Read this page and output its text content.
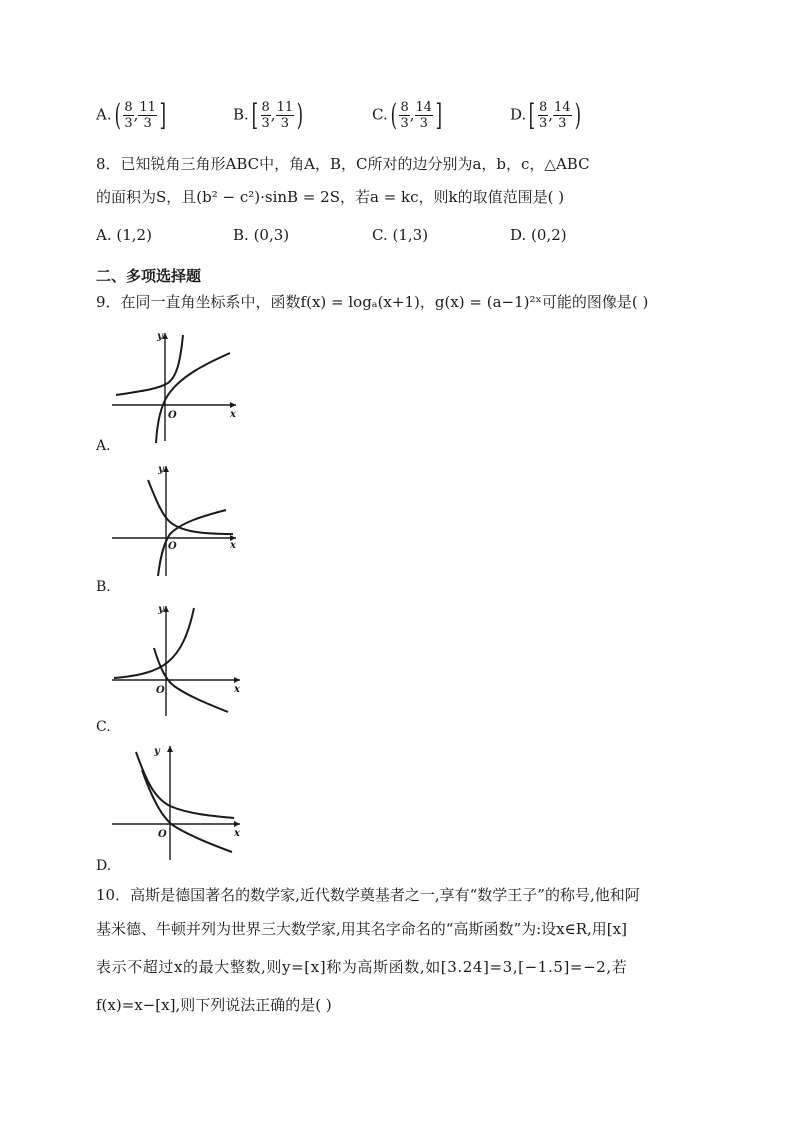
$A.( \frac{8}{3}$ , $\frac{11}{3}$ ]	$B.[ \frac{8}{3}$ , $\frac{11}{3}$ )	$C.( \frac{8}{3}$ , $\frac{14}{3}$ ]	$D.[ \frac{8}{3}$ , $\frac{14}{3}$ )
8．已知锐角三角形ABC中，角A，B，C所对的边分别为a，b，c，△ABC
的面积为S，且(b² − c²)·sinB = 2S，若a = kc，则k的取值范围是( )
A. (1,2)	B. (0,3)	C. (1,3)	D. (0,2)
二、多项选择题
9．在同一直角坐标系中，函数f(x) = logₐ(x+1)，g(x) = (a−1)²ˣ可能的图像是( )
x
y
O
A.
x
y
O
B.
x
y
O
C.
x
y
O
D.
10．高斯是德国著名的数学家,近代数学奠基者之一,享有“数学王子”的称号,他和阿
基米德、牛顿并列为世界三大数学家,用其名字命名的“高斯函数”为:设x∈R,用[x]
表示不超过x的最大整数,则y=[x]称为高斯函数,如[3.24]=3,[−1.5]=−2,若
f(x)=x−[x],则下列说法正确的是( )
